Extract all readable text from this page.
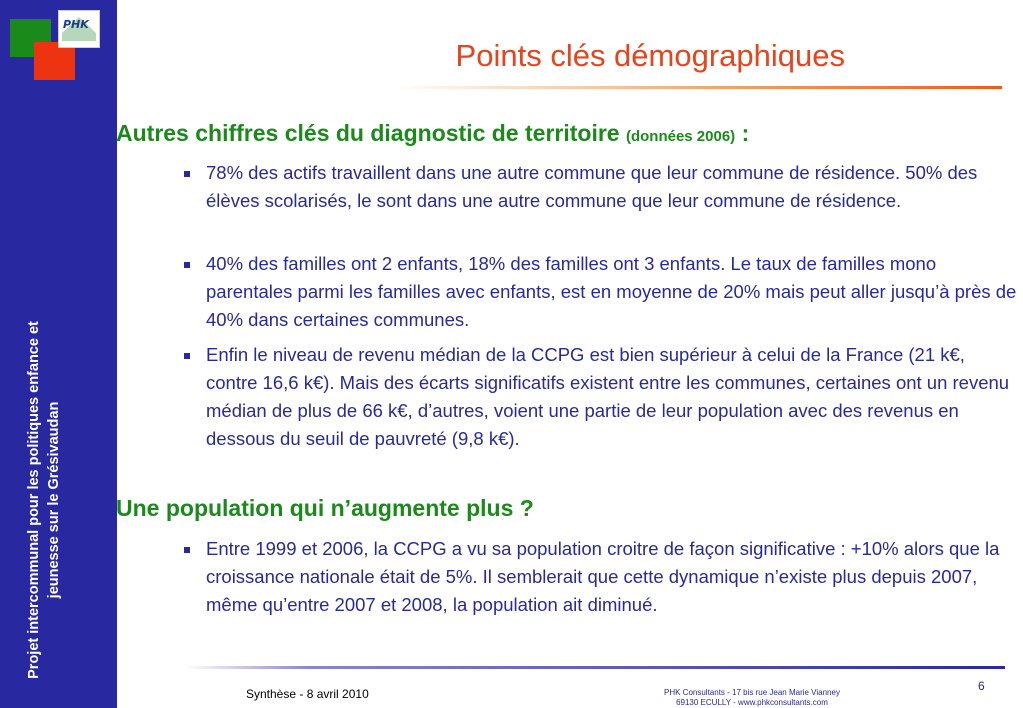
PHK
Projet intercommunal pour les politiques enfance et jeunesse sur le Grésivaudan
Points clés démographiques
Autres chiffres clés du diagnostic de territoire (données 2006) :
78% des actifs travaillent dans une autre commune que leur commune de résidence. 50% des élèves scolarisés, le sont dans une autre commune que leur commune de résidence.
40% des familles ont 2 enfants, 18% des familles ont 3 enfants. Le taux de familles mono parentales parmi les familles avec enfants, est en moyenne de 20% mais peut aller jusqu’à près de 40% dans certaines communes.
Enfin le niveau de revenu médian de la CCPG est bien supérieur à celui de la France (21 k€, contre 16,6 k€). Mais des écarts significatifs existent entre les communes, certaines ont un revenu médian de plus de 66 k€, d’autres, voient une partie de leur population avec des revenus en dessous du seuil de pauvreté (9,8 k€).
Une population qui n’augmente plus ?
Entre 1999 et 2006, la CCPG a vu sa population croitre de façon significative : +10% alors que la croissance nationale était de 5%. Il semblerait que cette dynamique n’existe plus depuis 2007, même qu’entre 2007 et 2008, la population ait diminué.
Synthèse - 8 avril 2010	PHK Consultants - 17 bis rue Jean Marie Vianney
69130 ECULLY - www.phkconsultants.com
6
